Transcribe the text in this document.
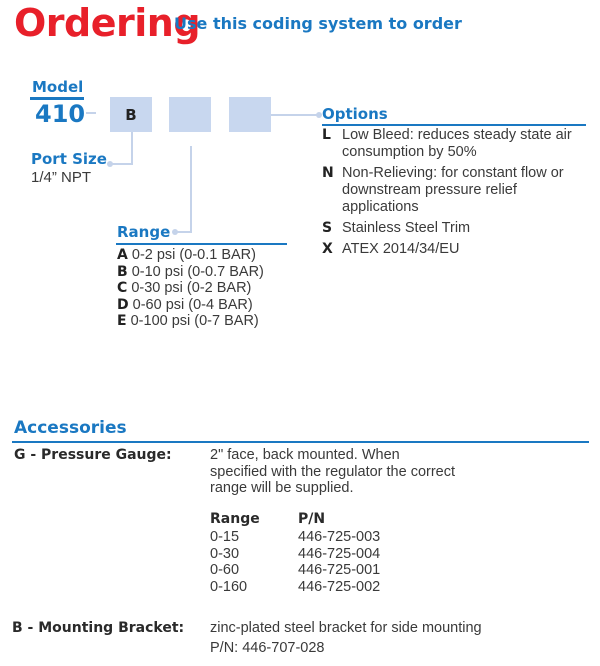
Ordering
Use this coding system to order
Model
410	B
Port Size
1/4” NPT
Range
A 0-2 psi (0-0.1 BAR)
B 0-10 psi (0-0.7 BAR)
C 0-30 psi (0-2 BAR)
D 0-60 psi (0-4 BAR)
E 0-100 psi (0-7 BAR)
Options
L Low Bleed: reduces steady state air consumption by 50%
N Non-Relieving: for constant flow or downstream pressure relief applications
S Stainless Steel Trim
X ATEX 2014/34/EU
Accessories
G - Pressure Gauge:	2" face, back mounted. When specified with the regulator the correct range will be supplied.
Range	P/N
0-15	446-725-003
0-30	446-725-004
0-60	446-725-001
0-160	446-725-002
B - Mounting Bracket: zinc-plated steel bracket for side mounting
P/N: 446-707-028
